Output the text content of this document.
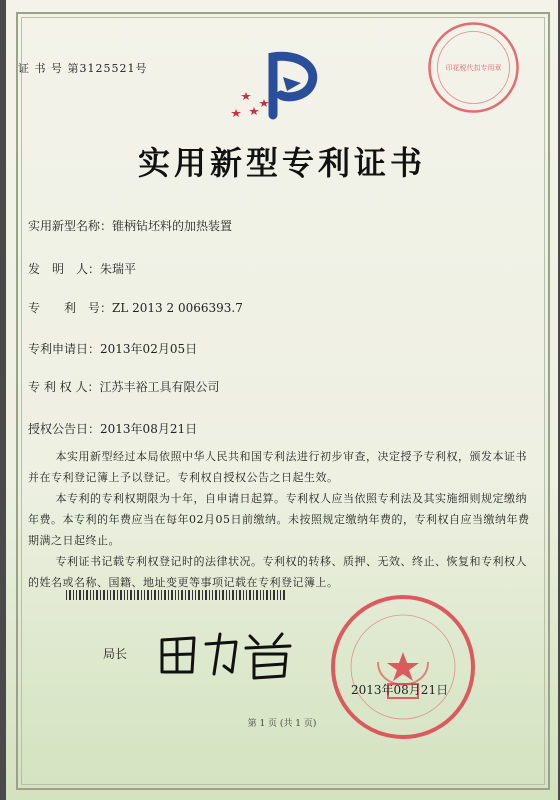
印花税代扣专用章
证 书 号 第3125521号
实用新型专利证书
实用新型名称：锥柄钻坯料的加热装置
发　明　人：朱瑞平
专　　利　号：ZL 2013 2 0066393.7
专利申请日：2013年02月05日
专 利 权 人：江苏丰裕工具有限公司
授权公告日：2013年08月21日

本实用新型经过本局依照中华人民共和国专利法进行初步审查，决定授予专利权，颁发本证书并在专利登记簿上予以登记。专利权自授权公告之日起生效。

本专利的专利权期限为十年，自申请日起算。专利权人应当依照专利法及其实施细则规定缴纳年费。本专利的年费应当在每年02月05日前缴纳。未按照规定缴纳年费的，专利权自应当缴纳年费期满之日起终止。

专利证书记载专利权登记时的法律状况。专利权的转移、质押、无效、终止、恢复和专利权人的姓名或名称、国籍、地址变更等事项记载在专利登记簿上。

局长
2013年08月21日
第 1 页 (共 1 页)
